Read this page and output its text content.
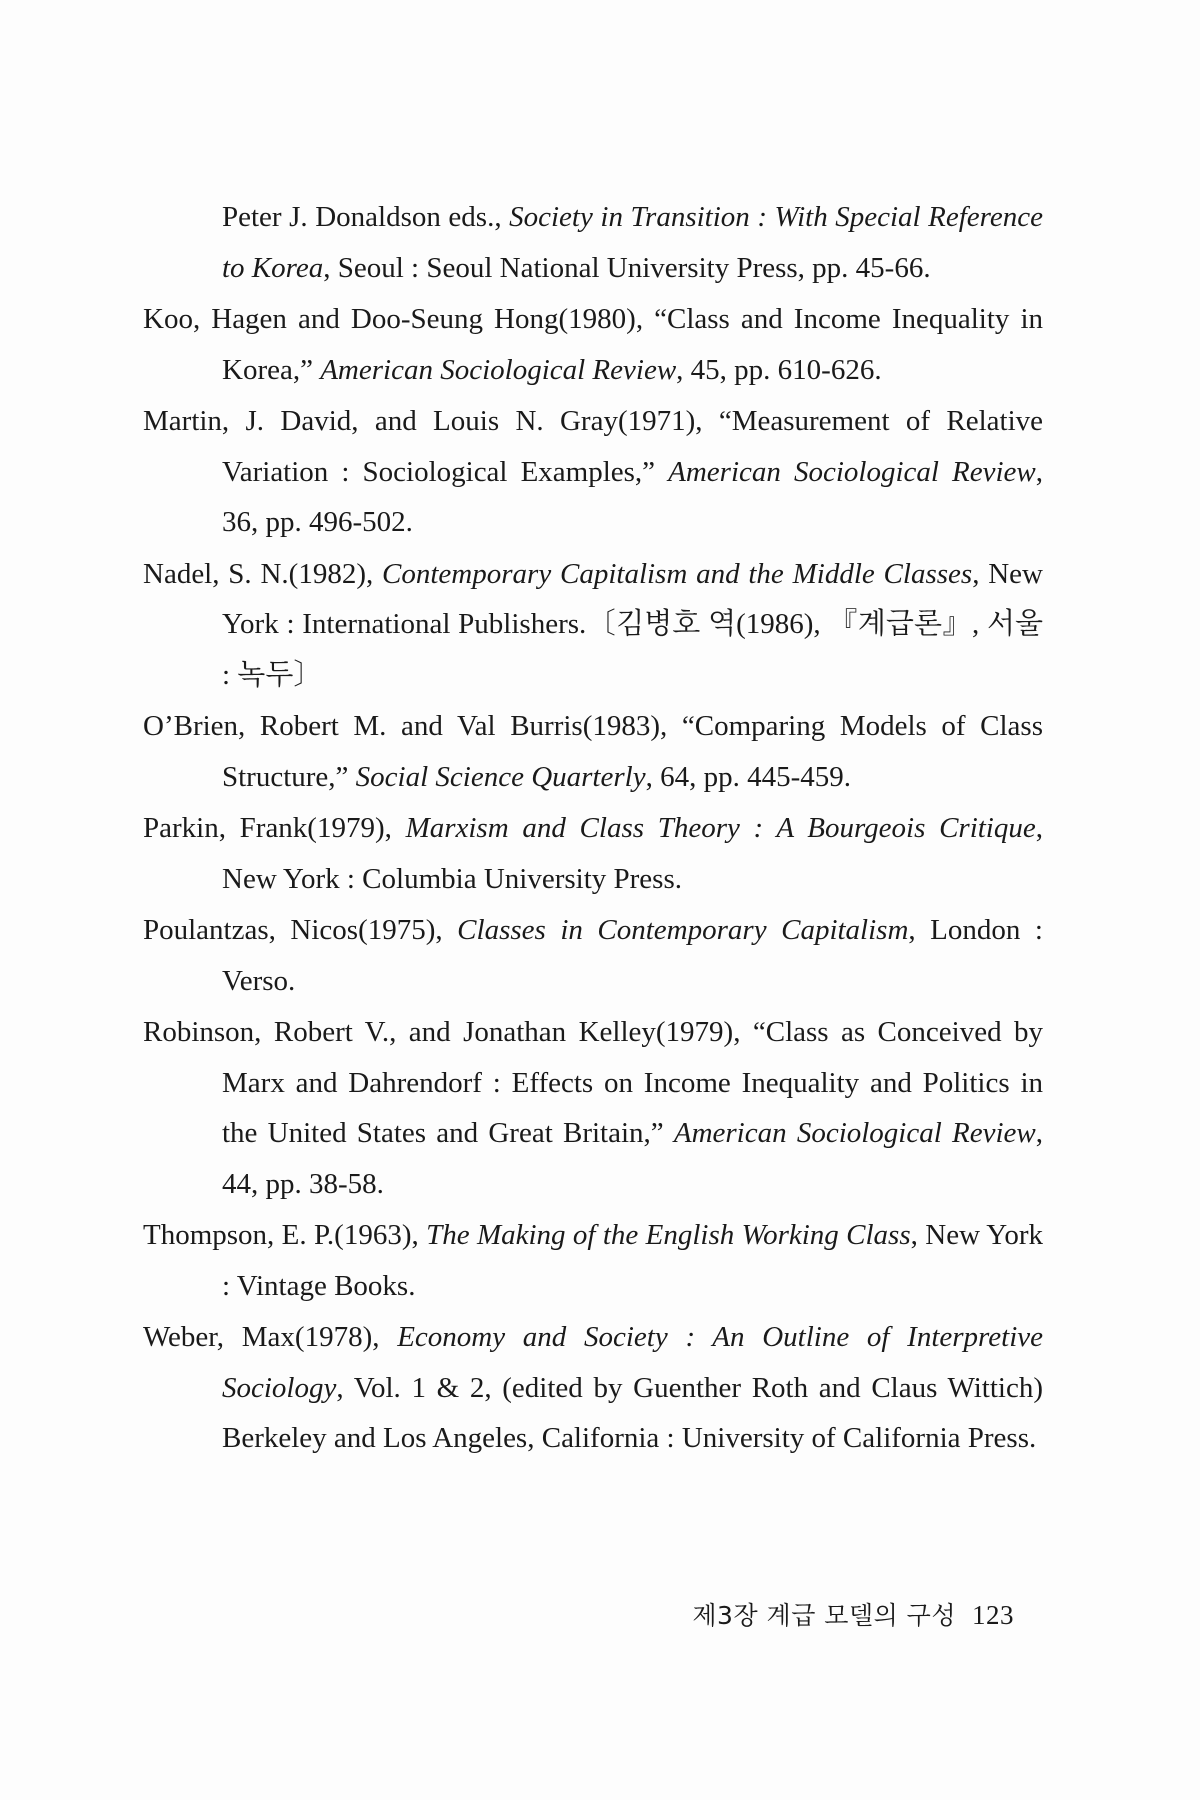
Peter J. Donaldson eds., Society in Transition : With Special Reference to Korea, Seoul : Seoul National University Press, pp. 45-66.

Koo, Hagen and Doo-Seung Hong(1980), “Class and Income Inequality in Korea,” American Sociological Review, 45, pp. 610-626.

Martin, J. David, and Louis N. Gray(1971), “Measurement of Relative Variation : Sociological Examples,” American Sociological Review, 36, pp. 496-502.

Nadel, S. N.(1982), Contemporary Capitalism and the Middle Classes, New York : International Publishers.〔김병호 역(1986), 『계급론』, 서울 : 녹두〕

O’Brien, Robert M. and Val Burris(1983), “Comparing Models of Class Structure,” Social Science Quarterly, 64, pp. 445-459.

Parkin, Frank(1979), Marxism and Class Theory : A Bourgeois Critique, New York : Columbia University Press.

Poulantzas, Nicos(1975), Classes in Contemporary Capitalism, London : Verso.

Robinson, Robert V., and Jonathan Kelley(1979), “Class as Conceived by Marx and Dahrendorf : Effects on Income Inequality and Politics in the United States and Great Britain,” American Sociological Review, 44, pp. 38-58.

Thompson, E. P.(1963), The Making of the English Working Class, New York : Vintage Books.

Weber, Max(1978), Economy and Society : An Outline of Interpretive Sociology, Vol. 1 & 2, (edited by Guenther Roth and Claus Wittich) Berkeley and Los Angeles, California : University of California Press.

제3장 계급 모델의 구성 123
